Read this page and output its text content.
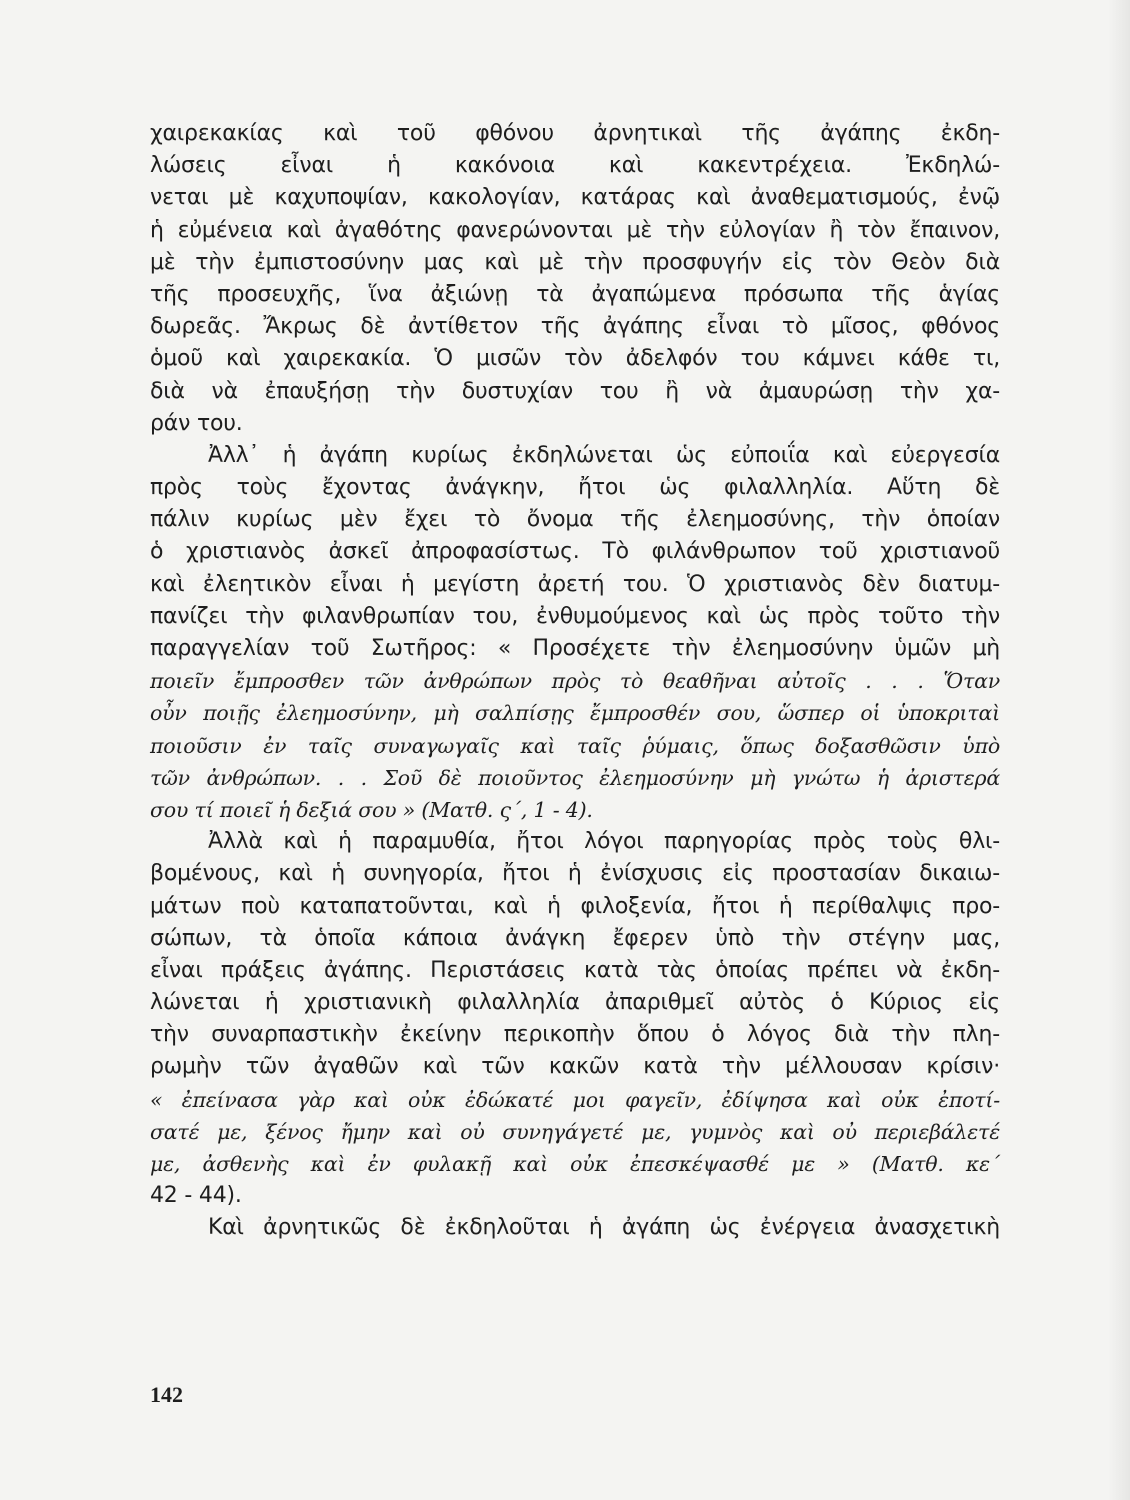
χαιρεκακίας καὶ τοῦ φθόνου ἀρνητικαὶ τῆς ἀγάπης ἐκδη-
λώσεις εἶναι ἡ κακόνοια καὶ κακεντρέχεια. Ἐκδηλώ-
νεται μὲ καχυποψίαν, κακολογίαν, κατάρας καὶ ἀναθεματισμούς, ἐνῷ
ἡ εὐμένεια καὶ ἀγαθότης φανερώνονται μὲ τὴν εὐλογίαν ἢ τὸν ἔπαινον,
μὲ τὴν ἐμπιστοσύνην μας καὶ μὲ τὴν προσφυγήν εἰς τὸν Θεὸν διὰ
τῆς προσευχῆς, ἵνα ἀξιώνῃ τὰ ἀγαπώμενα πρόσωπα τῆς ἁγίας
δωρεᾶς. Ἄκρως δὲ ἀντίθετον τῆς ἀγάπης εἶναι τὸ μῖσος, φθόνος
ὁμοῦ καὶ χαιρεκακία. Ὁ μισῶν τὸν ἀδελφόν του κάμνει κάθε τι,
διὰ νὰ ἐπαυξήσῃ τὴν δυστυχίαν του ἢ νὰ ἀμαυρώσῃ τὴν χα-
ράν του.
Ἀλλ᾽ ἡ ἀγάπη κυρίως ἐκδηλώνεται ὡς εὐποιΐα καὶ εὐεργεσία
πρὸς τοὺς ἔχοντας ἀνάγκην, ἤτοι ὡς φιλαλληλία. Αὕτη δὲ
πάλιν κυρίως μὲν ἔχει τὸ ὄνομα τῆς ἐλεημοσύνης, τὴν ὁποίαν
ὁ χριστιανὸς ἀσκεῖ ἀπροφασίστως. Τὸ φιλάνθρωπον τοῦ χριστιανοῦ
καὶ ἐλεητικὸν εἶναι ἡ μεγίστη ἀρετή του. Ὁ χριστιανὸς δὲν διατυμ-
πανίζει τὴν φιλανθρωπίαν του, ἐνθυμούμενος καὶ ὡς πρὸς τοῦτο τὴν
παραγγελίαν τοῦ Σωτῆρος: « Προσέχετε τὴν ἐλεημοσύνην ὑμῶν μὴ
ποιεῖν ἔμπροσθεν τῶν ἀνθρώπων πρὸς τὸ θεαθῆναι αὐτοῖς . . . Ὅταν
οὖν ποιῇς ἐλεημοσύνην, μὴ σαλπίσῃς ἔμπροσθέν σου, ὥσπερ οἱ ὑποκριταὶ
ποιοῦσιν ἐν ταῖς συναγωγαῖς καὶ ταῖς ῥύμαις, ὅπως δοξασθῶσιν ὑπὸ
τῶν ἀνθρώπων. . . Σοῦ δὲ ποιοῦντος ἐλεημοσύνην μὴ γνώτω ἡ ἀριστερά
σου τί ποιεῖ ἡ δεξιά σου » (Ματθ. ς΄, 1 - 4).
Ἀλλὰ καὶ ἡ παραμυθία, ἤτοι λόγοι παρηγορίας πρὸς τοὺς θλι-
βομένους, καὶ ἡ συνηγορία, ἤτοι ἡ ἐνίσχυσις εἰς προστασίαν δικαιω-
μάτων ποὺ καταπατοῦνται, καὶ ἡ φιλοξενία, ἤτοι ἡ περίθαλψις προ-
σώπων, τὰ ὁποῖα κάποια ἀνάγκη ἔφερεν ὑπὸ τὴν στέγην μας,
εἶναι πράξεις ἀγάπης. Περιστάσεις κατὰ τὰς ὁποίας πρέπει νὰ ἐκδη-
λώνεται ἡ χριστιανικὴ φιλαλληλία ἀπαριθμεῖ αὐτὸς ὁ Κύριος εἰς
τὴν συναρπαστικὴν ἐκείνην περικοπὴν ὅπου ὁ λόγος διὰ τὴν πλη-
ρωμὴν τῶν ἀγαθῶν καὶ τῶν κακῶν κατὰ τὴν μέλλουσαν κρίσιν·
« ἐπείνασα γὰρ καὶ οὐκ ἐδώκατέ μοι φαγεῖν, ἐδίψησα καὶ οὐκ ἐποτί-
σατέ με, ξένος ἤμην καὶ οὐ συνηγάγετέ με, γυμνὸς καὶ οὐ περιεβάλετέ
με, ἀσθενὴς καὶ ἐν φυλακῇ καὶ οὐκ ἐπεσκέψασθέ με » (Ματθ. κε΄
42 - 44).
Καὶ ἀρνητικῶς δὲ ἐκδηλοῦται ἡ ἀγάπη ὡς ἐνέργεια ἀνασχετικὴ
142
